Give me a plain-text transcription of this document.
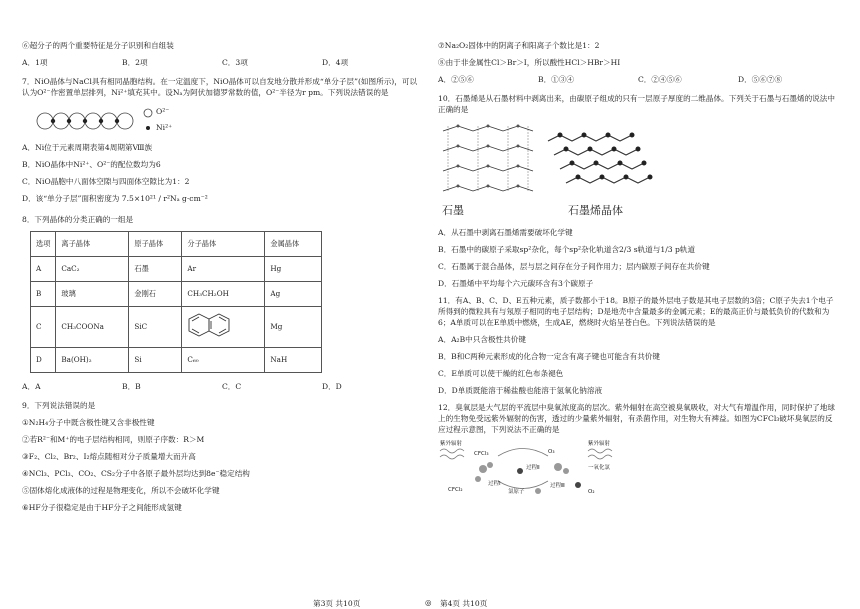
⑥超分子的两个重要特征是分子识别和自组装

A．1项	B．2项	C．3项	D．4项

7．NiO晶体与NaCl具有相同晶胞结构。在一定温度下，NiO晶体可以自发地分散并形成“单分子层”(如图所示)，可以认为O²⁻作密置单层排列，Ni²⁺填充其中。设Nₐ为阿伏加德罗常数的值，O²⁻半径为r pm。下列说法错误的是

O²⁻
Ni²⁺

A．Ni位于元素周期表第4周期第Ⅷ族

B．NiO晶体中Ni²⁺、O²⁻的配位数均为6

C．NiO晶胞中八面体空隙与四面体空隙比为1：2

D．该“单分子层”面积密度为 7.5×10²¹ / r²Nₐ g·cm⁻²

8．下列晶体的分类正确的一组是

选项	离子晶体	原子晶体	分子晶体	金属晶体
A	CaC₂	石墨	Ar	Hg
B	玻璃	金刚石	CH₃CH₂OH	Ag
C	CH₃COONa	SiC		Mg
D	Ba(OH)₂	Si	C₆₀	NaH
A．A	B．B	C．C	D．D

9．下列说法错误的是

①N₂H₄分子中既含极性键又含非极性键

②若R²⁻和M⁺的电子层结构相同，则原子序数：R＞M

③F₂、Cl₂、Br₂、I₂熔点随相对分子质量增大而升高

④NCl₃、PCl₃、CO₂、CS₂分子中各原子最外层均达到8e⁻稳定结构

⑤固体熔化成液体的过程是物理变化，所以不会破坏化学键

⑥HF分子很稳定是由于HF分子之间能形成氢键

⑦Na₂O₂固体中的阴离子和阳离子个数比是1：2

⑧由于非金属性Cl＞Br＞I，所以酸性HCl＞HBr＞HI

A．②⑤⑥	B．①③④	C．②④⑤⑥	D．⑤⑥⑦⑧

10．石墨烯是从石墨材料中剥离出来，由碳原子组成的只有一层原子厚度的二维晶体。下列关于石墨与石墨烯的说法中正确的是

石墨	石墨烯晶体

A．从石墨中剥离石墨烯需要破坏化学键

B．石墨中的碳原子采取sp²杂化，每个sp²杂化轨道含2/3 s轨道与1/3 p轨道

C．石墨属于混合晶体，层与层之间存在分子间作用力；层内碳原子间存在共价键

D．石墨烯中平均每个六元碳环含有3个碳原子

11．有A、B、C、D、E五种元素，质子数都小于18。B原子的最外层电子数是其电子层数的3倍；C原子失去1个电子所得到的微粒具有与氖原子相同的电子层结构；D是地壳中含量最多的金属元素；E的最高正价与最低负价的代数和为6；A单质可以在E单质中燃烧，生成AE，燃烧时火焰呈苍白色。下列说法错误的是

A．A₂B中只含极性共价键

B．B和C两种元素形成的化合物一定含有离子键也可能含有共价键

C．E单质可以使干燥的红色布条褪色

D．D单质既能溶于稀盐酸也能溶于氢氧化钠溶液

12．臭氧层是大气层的平流层中臭氧浓度高的层次。紫外辐射在高空被臭氧吸收，对大气有增温作用，同时保护了地球上的生物免受远紫外辐射的伤害，透过的少量紫外辐射，有杀菌作用，对生物大有裨益。如图为CFCl₃破坏臭氧层的反应过程示意图，下列说法不正确的是

紫外辐射
CFCl₃
过程Ⅰ
过程Ⅱ
过程Ⅲ
氯原子
一氧化氯
紫外辐射
CFCl₂
O₃
O₂
第3页 共10页	◎ 第4页 共10页
